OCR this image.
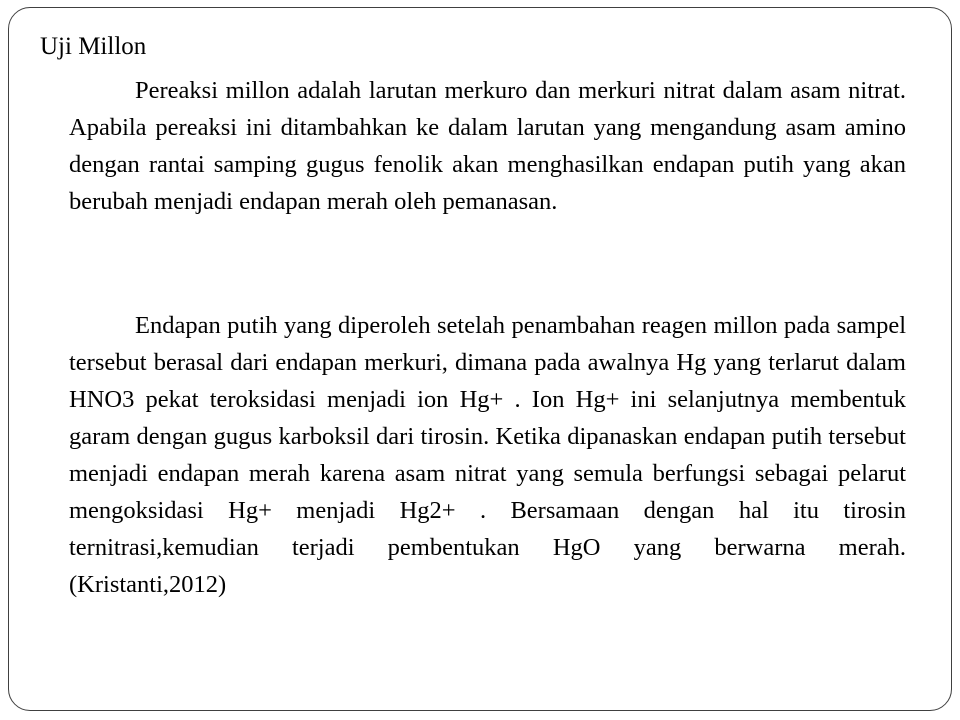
Uji Millon

Pereaksi millon adalah larutan merkuro dan merkuri nitrat dalam asam nitrat. Apabila pereaksi ini ditambahkan ke dalam larutan yang mengandung asam amino dengan rantai samping gugus fenolik akan menghasilkan endapan putih yang akan berubah menjadi endapan merah oleh pemanasan.

Endapan putih yang diperoleh setelah penambahan reagen millon pada sampel tersebut berasal dari endapan merkuri, dimana pada awalnya Hg yang terlarut dalam HNO3 pekat teroksidasi menjadi ion Hg+ . Ion Hg+ ini selanjutnya membentuk garam dengan gugus karboksil dari tirosin. Ketika dipanaskan endapan putih tersebut menjadi endapan merah karena asam nitrat yang semula berfungsi sebagai pelarut mengoksidasi Hg+ menjadi Hg2+ . Bersamaan dengan hal itu tirosin ternitrasi,kemudian terjadi pembentukan HgO yang berwarna merah. (Kristanti,2012)
